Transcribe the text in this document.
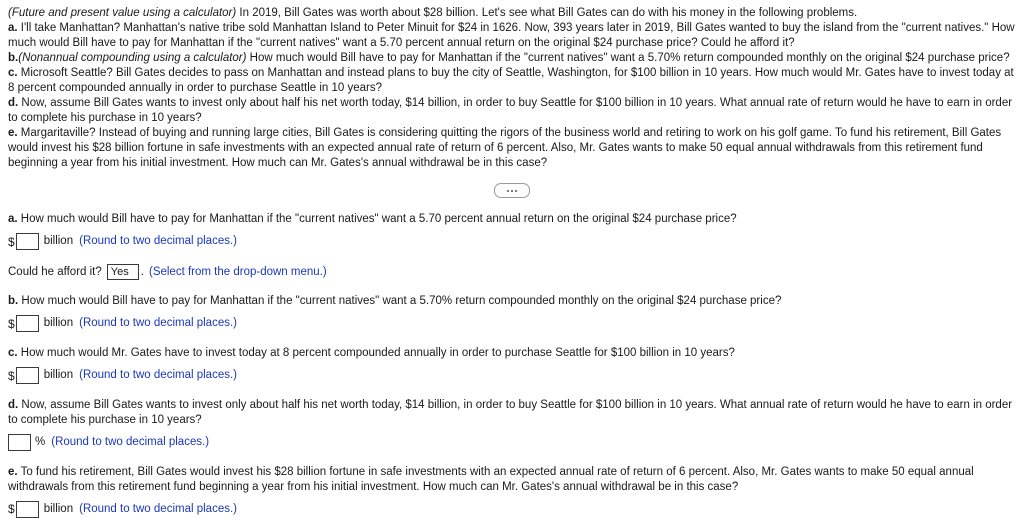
(Future and present value using a calculator) In 2019, Bill Gates was worth about $28 billion. Let's see what Bill Gates can do with his money in the following problems.

a. I'll take Manhattan? Manhattan's native tribe sold Manhattan Island to Peter Minuit for $24 in 1626. Now, 393 years later in 2019, Bill Gates wanted to buy the island from the "current natives." How much would Bill have to pay for Manhattan if the "current natives" want a 5.70 percent annual return on the original $24 purchase price? Could he afford it?

b.(Nonannual compounding using a calculator) How much would Bill have to pay for Manhattan if the "current natives" want a 5.70% return compounded monthly on the original $24 purchase price?

c. Microsoft Seattle? Bill Gates decides to pass on Manhattan and instead plans to buy the city of Seattle, Washington, for $100 billion in 10 years. How much would Mr. Gates have to invest today at 8 percent compounded annually in order to purchase Seattle in 10 years?

d. Now, assume Bill Gates wants to invest only about half his net worth today, $14 billion, in order to buy Seattle for $100 billion in 10 years. What annual rate of return would he have to earn in order to complete his purchase in 10 years?

e. Margaritaville? Instead of buying and running large cities, Bill Gates is considering quitting the rigors of the business world and retiring to work on his golf game. To fund his retirement, Bill Gates would invest his $28 billion fortune in safe investments with an expected annual rate of return of 6 percent. Also, Mr. Gates wants to make 50 equal annual withdrawals from this retirement fund beginning a year from his initial investment. How much can Mr. Gates's annual withdrawal be in this case?

a. How much would Bill have to pay for Manhattan if the "current natives" want a 5.70 percent annual return on the original $24 purchase price?
$	billion (Round to two decimal places.)
Could he afford it? Yes . (Select from the drop-down menu.)
b. How much would Bill have to pay for Manhattan if the "current natives" want a 5.70% return compounded monthly on the original $24 purchase price?
$	billion (Round to two decimal places.)
c. How much would Mr. Gates have to invest today at 8 percent compounded annually in order to purchase Seattle for $100 billion in 10 years?
$	billion (Round to two decimal places.)
d. Now, assume Bill Gates wants to invest only about half his net worth today, $14 billion, in order to buy Seattle for $100 billion in 10 years. What annual rate of return would he have to earn in order to complete his purchase in 10 years?
% (Round to two decimal places.)
e. To fund his retirement, Bill Gates would invest his $28 billion fortune in safe investments with an expected annual rate of return of 6 percent. Also, Mr. Gates wants to make 50 equal annual withdrawals from this retirement fund beginning a year from his initial investment. How much can Mr. Gates's annual withdrawal be in this case?
$	billion (Round to two decimal places.)
